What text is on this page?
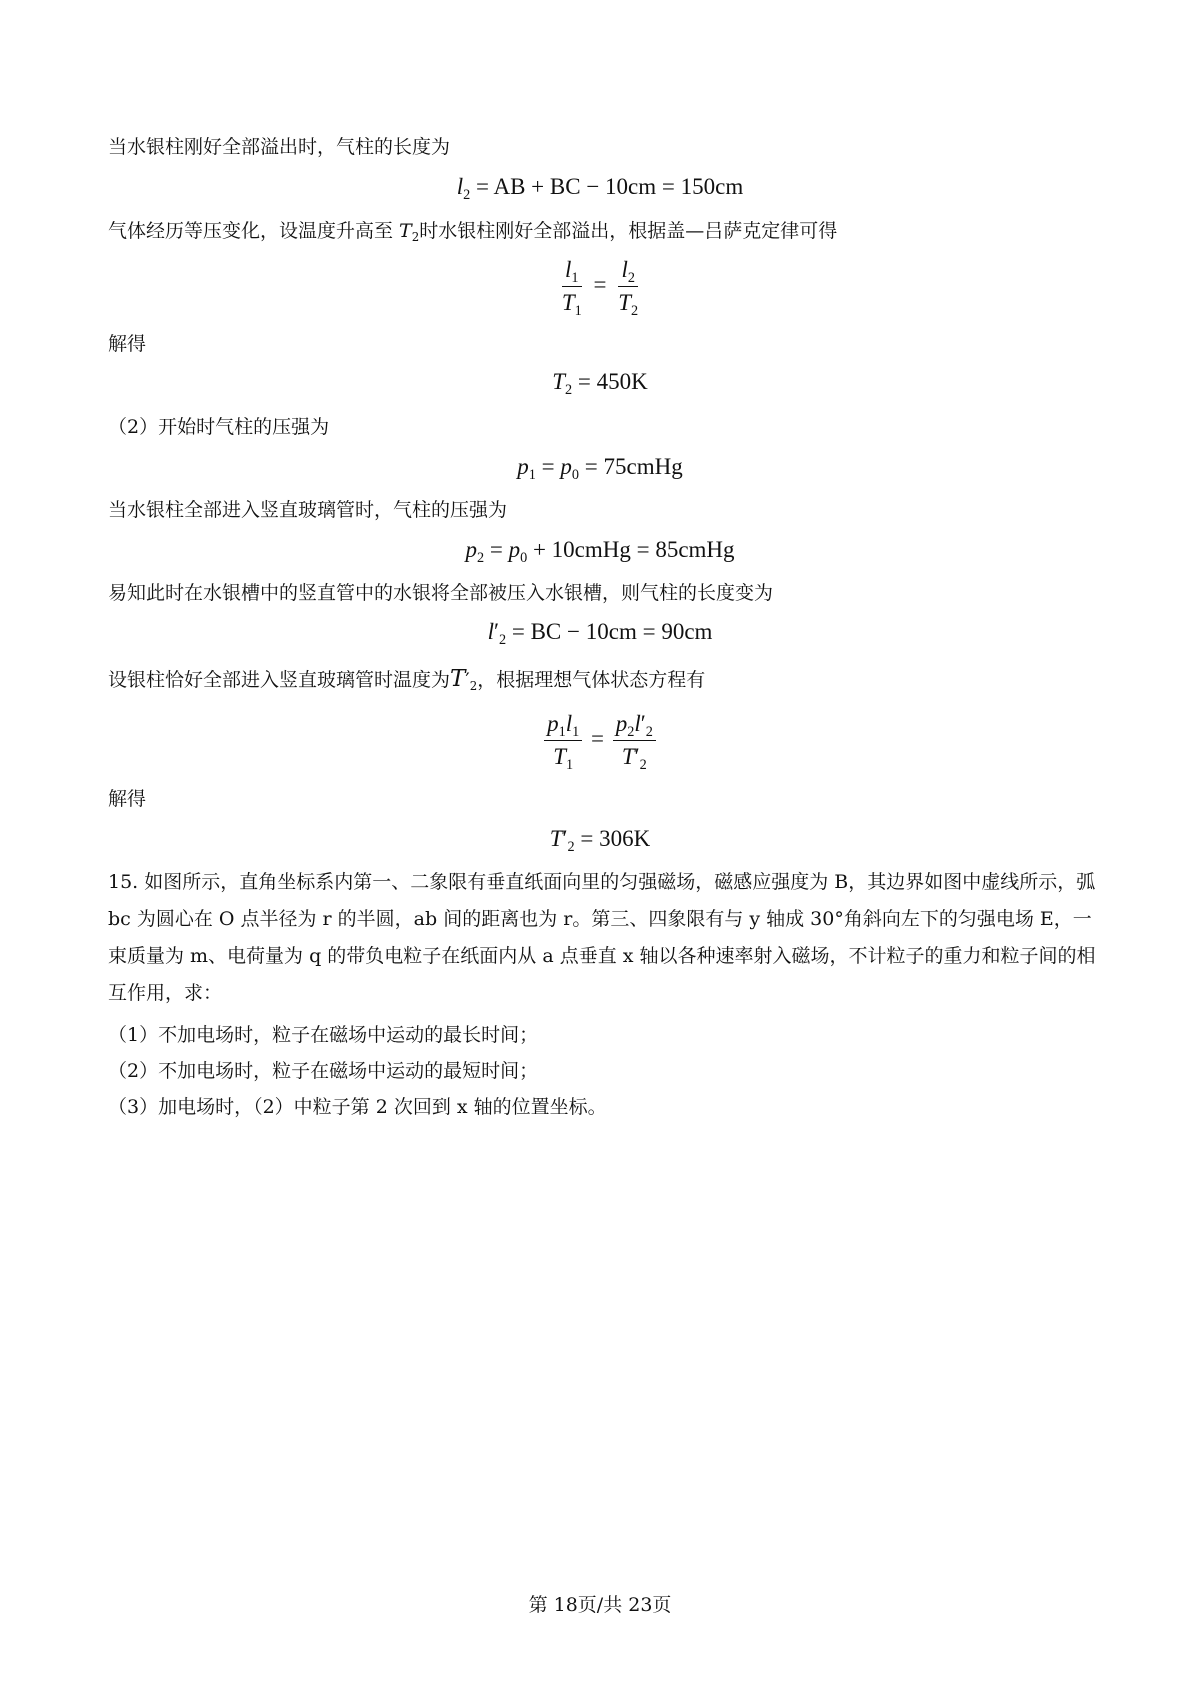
当水银柱刚好全部溢出时，气柱的长度为
$l_2$ = AB + BC − 10cm = 150cm
气体经历等压变化，设温度升高至 $T_2$时水银柱刚好全部溢出，根据盖—吕萨克定律可得
$\frac{l_1}{T_1} = \frac{l_2}{T_2}$
解得
$T_2 = 450K$
（2）开始时气柱的压强为
$p_1 = p_0$ = 75cmHg
当水银柱全部进入竖直玻璃管时，气柱的压强为
$p_2 = p_0$ + 10cmHg = 85cmHg
易知此时在水银槽中的竖直管中的水银将全部被压入水银槽，则气柱的长度变为
$l'_2$ = BC − 10cm = 90cm
设银柱恰好全部进入竖直玻璃管时温度为$T'_2$，根据理想气体状态方程有
$\frac{p_1l_1}{T_1} = \frac{p_2l'_2}{T'_2}$
解得
$T'_2 = 306K$
15. 如图所示，直角坐标系内第一、二象限有垂直纸面向里的匀强磁场，磁感应强度为 B，其边界如图中虚线所示，弧 bc 为圆心在 O 点半径为 r 的半圆，ab 间的距离也为 r。第三、四象限有与 y 轴成 30°角斜向左下的匀强电场 E，一束质量为 m、电荷量为 q 的带负电粒子在纸面内从 a 点垂直 x 轴以各种速率射入磁场，不计粒子的重力和粒子间的相互作用，求：
（1）不加电场时，粒子在磁场中运动的最长时间；
（2）不加电场时，粒子在磁场中运动的最短时间；
（3）加电场时，（2）中粒子第 2 次回到 x 轴的位置坐标。
第 18页/共 23页
